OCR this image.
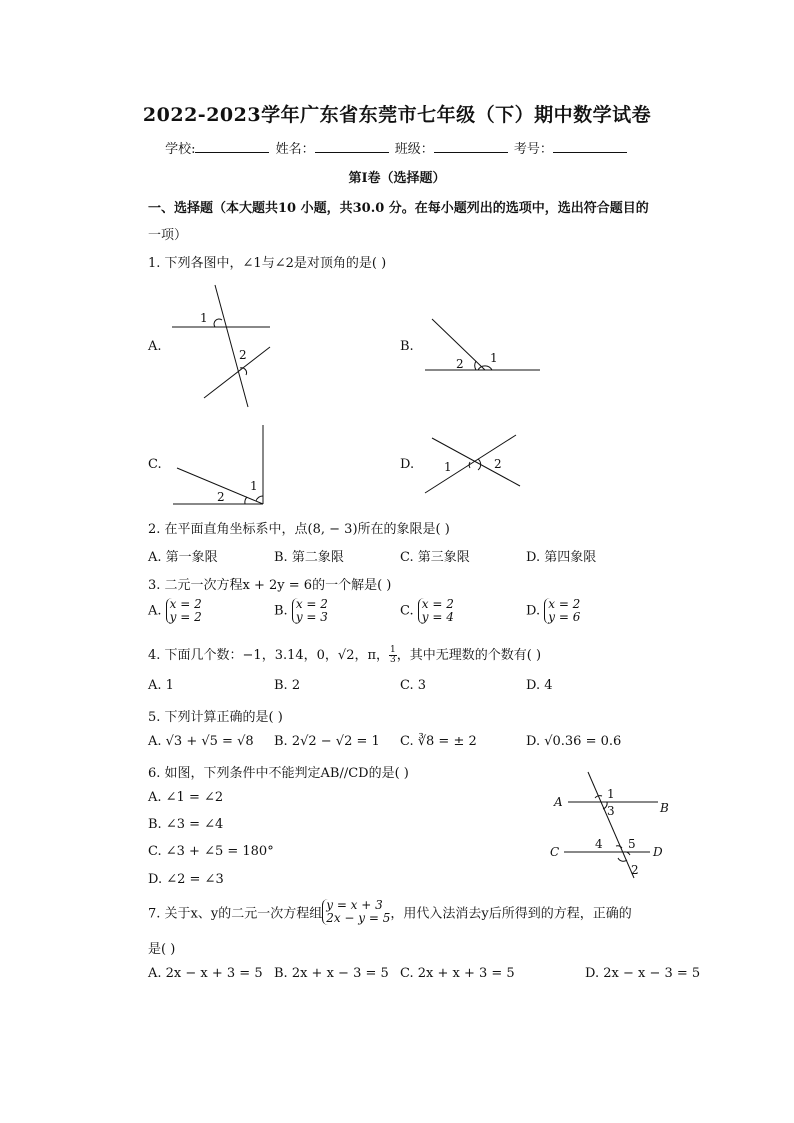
2022-2023学年广东省东莞市七年级（下）期中数学试卷
学校:	姓名：	班级：	考号：
第Ⅰ卷（选择题）
一、选择题（本大题共10 小题，共30.0 分。在每小题列出的选项中，选出符合题目的
一项）
1. 下列各图中，∠1与∠2是对顶角的是( )
A.	B.
C.	D.
1
2
2 1
2
1
1	2
2. 在平面直角坐标系中，点(8, − 3)所在的象限是( )
A. 第一象限	B. 第二象限	C. 第三象限	D. 第四象限
3. 二元一次方程x + 2y = 6的一个解是( )
A. x = 2
y = 2	B. x = 2
y = 3	C. x = 2
y = 4	D. x = 2
y = 6
4. 下面几个数：−1，3.14，0，√2，π， $\frac{1}{3}$，其中无理数的个数有( )
A. 1	B. 2	C. 3	D. 4
5. 下列计算正确的是( )
A. √3 + √5 = √8 B. 2√2 − √2 = 1 C. ∛8 = ± 2	D. √0.36 = 0.6
6. 如图，下列条件中不能判定AB//CD的是( )
A. ∠1 = ∠2
B. ∠3 = ∠4
C. ∠3 + ∠5 = 180°
D. ∠2 = ∠3
A	B
C	D
1
3
4 5
2
7. 关于x、y的二元一次方程组y = x + 3
2x − y = 5，用代入法消去y后所得到的方程，正确的
是( )
A. 2x − x + 3 = 5 B. 2x + x − 3 = 5 C. 2x + x + 3 = 5	D. 2x − x − 3 = 5
